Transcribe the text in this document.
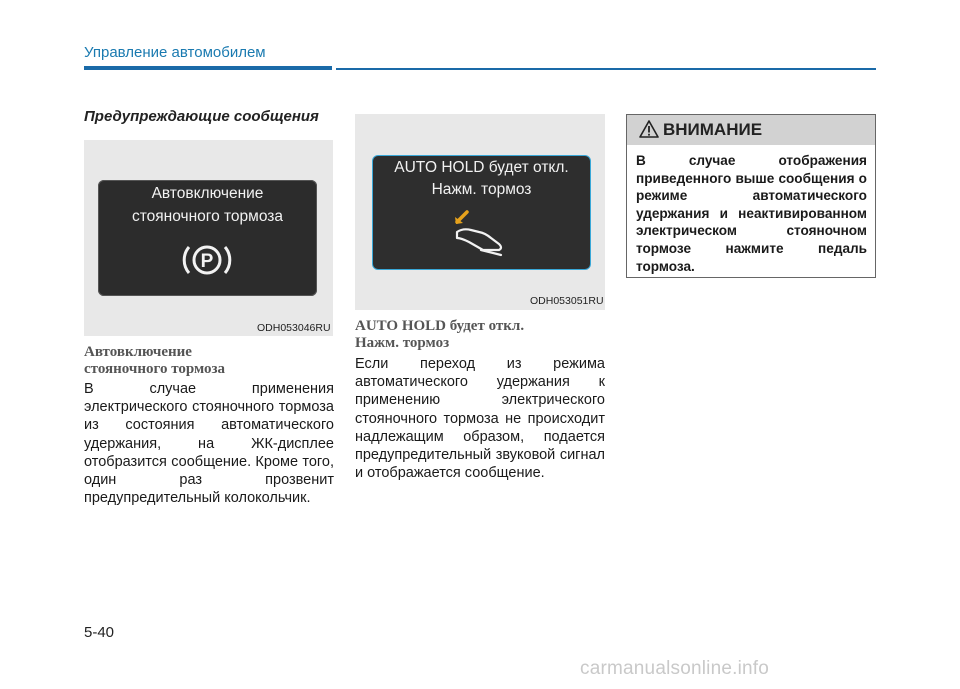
Управление автомобилем
Предупреждающие сообщения
Автовключение
стояночного тормоза
P
ODH053046RU
Автовключение
стояночного тормоза
В случае применения электрического стояночного тормоза из состояния автоматического удержания, на ЖК-дисплее отобразится сообщение. Кроме того, один раз прозвенит предупредительный колокольчик.
AUTO HOLD будет откл.
Нажм. тормоз
ODH053051RU
AUTO HOLD будет откл.
Нажм. тормоз
Если переход из режима автоматического удержания к применению электрического стояночного тормоза не происходит надлежащим образом, подается предупредительный звуковой сигнал и отображается сообщение.
ВНИМАНИЕ
В случае отображения приведенного выше сообщения о режиме автоматического удержания и неактивированном электрическом стояночном тормозе нажмите педаль тормоза.
5-40
carmanualsonline.info
